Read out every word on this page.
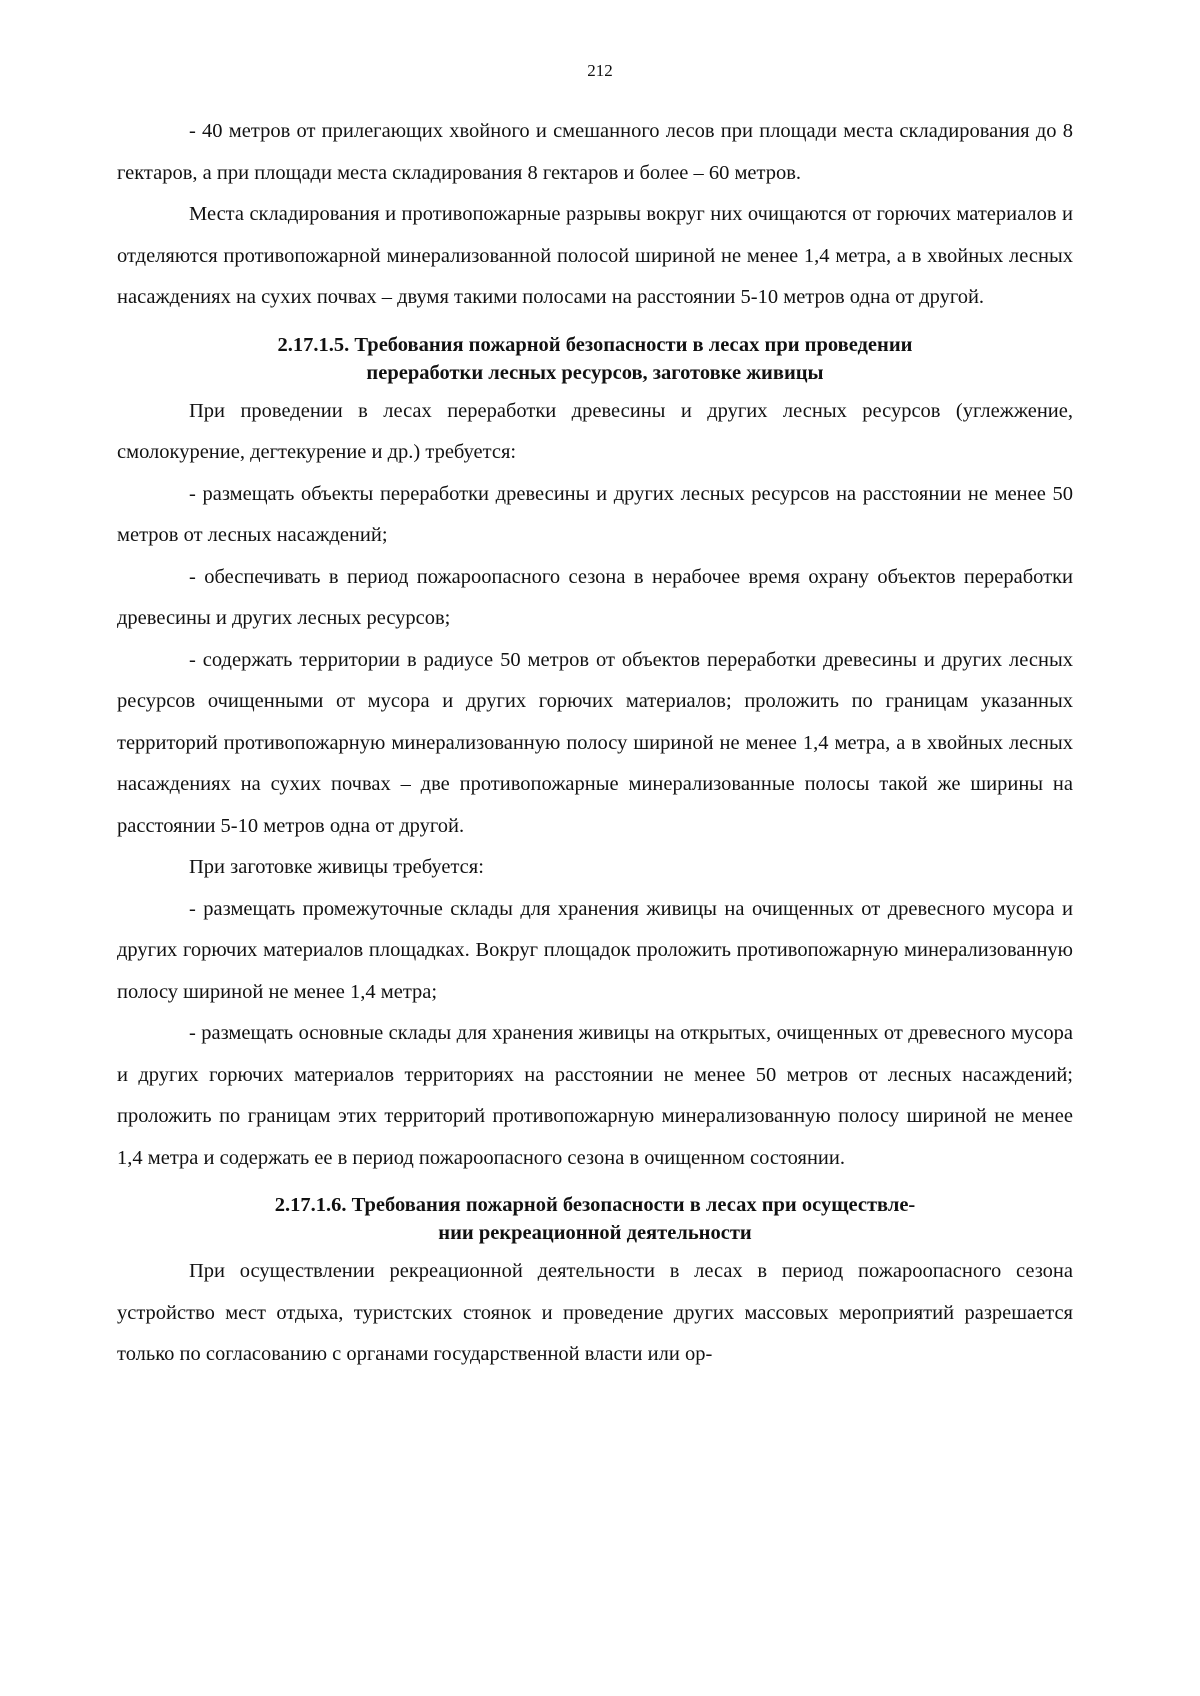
212

- 40 метров от прилегающих хвойного и смешанного лесов при площади места складирования до 8 гектаров, а при площади места складирования 8 гектаров и более – 60 метров.

Места складирования и противопожарные разрывы вокруг них очищаются от горючих материалов и отделяются противопожарной минерализованной полосой шириной не менее 1,4 метра, а в хвойных лесных насаждениях на сухих почвах – двумя такими полосами на расстоянии 5-10 метров одна от другой.

2.17.1.5. Требования пожарной безопасности в лесах при проведении
переработки лесных ресурсов, заготовке живицы

При проведении в лесах переработки древесины и других лесных ресурсов (углежжение, смолокурение, дегтекурение и др.) требуется:

- размещать объекты переработки древесины и других лесных ресурсов на расстоянии не менее 50 метров от лесных насаждений;

- обеспечивать в период пожароопасного сезона в нерабочее время охрану объектов переработки древесины и других лесных ресурсов;

- содержать территории в радиусе 50 метров от объектов переработки древесины и других лесных ресурсов очищенными от мусора и других горючих материалов; проложить по границам указанных территорий противопожарную минерализованную полосу шириной не менее 1,4 метра, а в хвойных лесных насаждениях на сухих почвах – две противопожарные минерализованные полосы такой же ширины на расстоянии 5-10 метров одна от другой.

При заготовке живицы требуется:

- размещать промежуточные склады для хранения живицы на очищенных от древесного мусора и других горючих материалов площадках. Вокруг площадок проложить противопожарную минерализованную полосу шириной не менее 1,4 метра;

- размещать основные склады для хранения живицы на открытых, очищенных от древесного мусора и других горючих материалов территориях на расстоянии не менее 50 метров от лесных насаждений; проложить по границам этих территорий противопожарную минерализованную полосу шириной не менее 1,4 метра и содержать ее в период пожароопасного сезона в очищенном состоянии.

2.17.1.6. Требования пожарной безопасности в лесах при осуществле-
нии рекреационной деятельности

При осуществлении рекреационной деятельности в лесах в период пожароопасного сезона устройство мест отдыха, туристских стоянок и проведение других массовых мероприятий разрешается только по согласованию с органами государственной власти или ор-
